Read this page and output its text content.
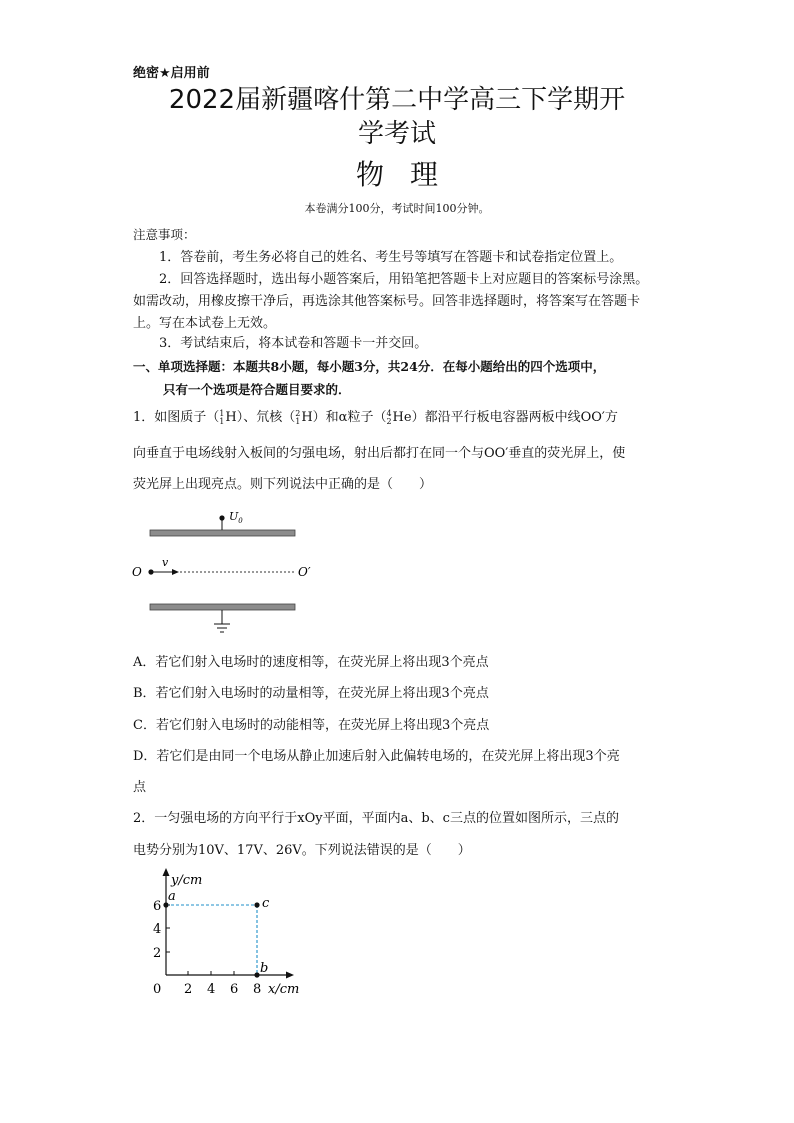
绝密★启用前
2022届新疆喀什第二中学高三下学期开
学考试
物理
本卷满分100分，考试时间100分钟。
注意事项：
1．答卷前，考生务必将自己的姓名、考生号等填写在答题卡和试卷指定位置上。
2．回答选择题时，选出每小题答案后，用铅笔把答题卡上对应题目的答案标号涂黑。如需改动，用橡皮擦干净后，再选涂其他答案标号。回答非选择题时，将答案写在答题卡上。写在本试卷上无效。
3．考试结束后，将本试卷和答题卡一并交回。
一、单项选择题：本题共8小题，每小题3分，共24分．在每小题给出的四个选项中，
只有一个选项是符合题目要求的．
1．如图质子（1
1H）、氘核（2
1H）和α粒子（4
2He）都沿平行板电容器两板中线OO′方
向垂直于电场线射入板间的匀强电场，射出后都打在同一个与OO′垂直的荧光屏上，使
荧光屏上出现亮点。则下列说法中正确的是（　　）
$U_0$
O
v
O′
A．若它们射入电场时的速度相等，在荧光屏上将出现3个亮点
B．若它们射入电场时的动量相等，在荧光屏上将出现3个亮点
C．若它们射入电场时的动能相等，在荧光屏上将出现3个亮点
D．若它们是由同一个电场从静止加速后射入此偏转电场的，在荧光屏上将出现3个亮
点
2．一匀强电场的方向平行于xOy平面，平面内a、b、c三点的位置如图所示，三点的
电势分别为10V、17V、26V。下列说法错误的是（　　）
y/cm
x/cm
6
4
2
0 2 4 6 8
a	c
b
